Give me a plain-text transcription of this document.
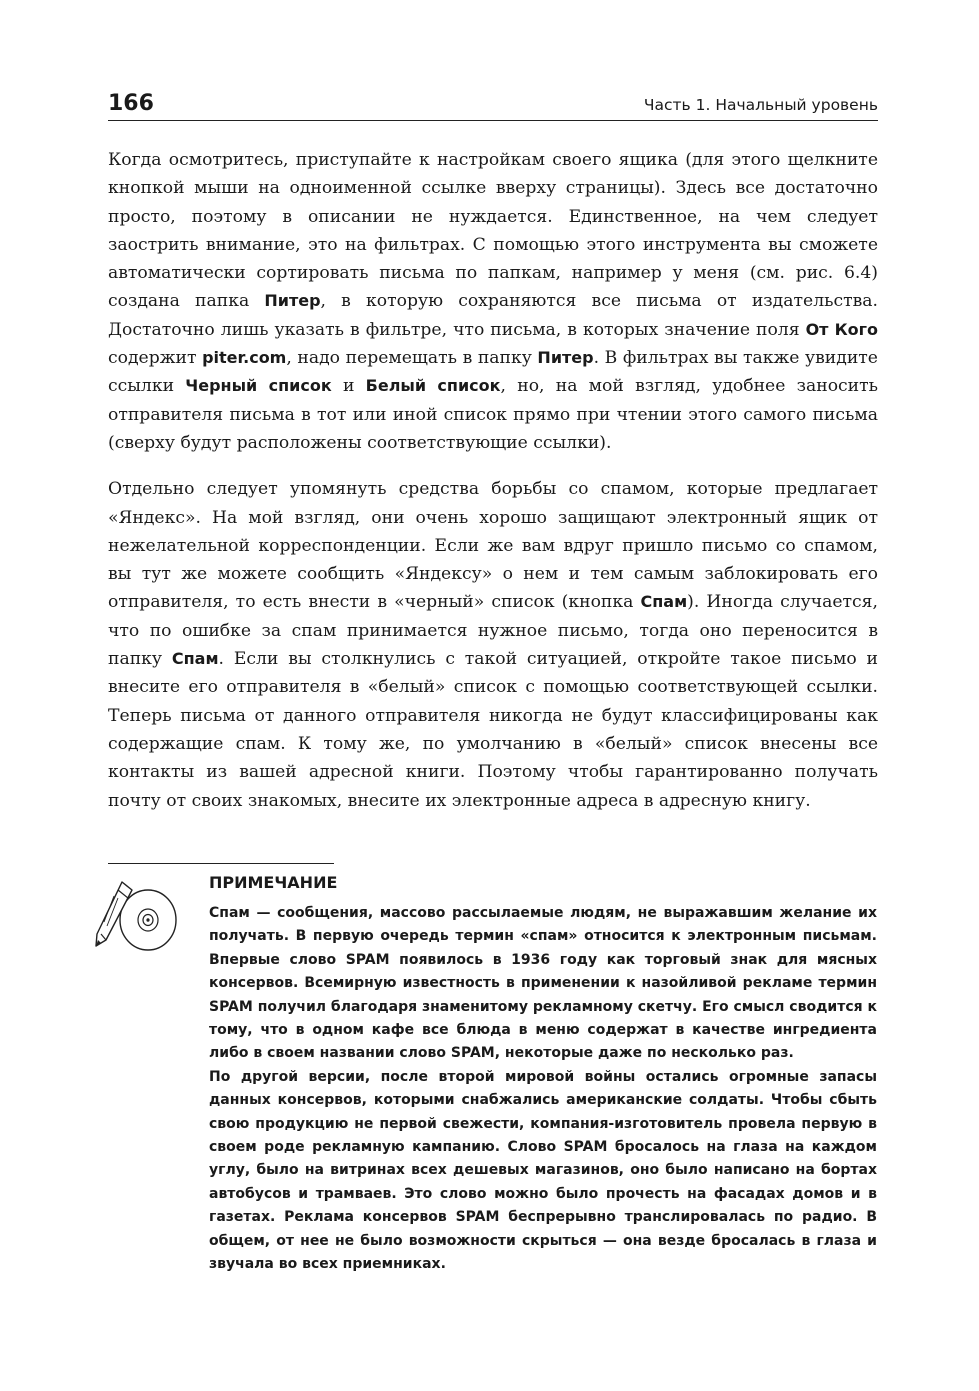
166	Часть 1. Начальный уровень

Когда осмотритесь, приступайте к настройкам своего ящика (для этого щелкните кнопкой мыши на одноименной ссылке вверху страницы). Здесь все достаточно просто, поэтому в описании не нуждается. Единственное, на чем следует заострить внимание, это на фильтрах. С помощью этого инструмента вы сможете автоматически сортировать письма по папкам, например у меня (см. рис. 6.4) создана папка Питер, в которую сохраняются все письма от издательства. Достаточно лишь указать в фильтре, что письма, в которых значение поля От Кого содержит piter.com, надо перемещать в папку Питер. В фильтрах вы также увидите ссылки Черный список и Белый список, но, на мой взгляд, удобнее заносить отправителя письма в тот или иной список прямо при чтении этого самого письма (сверху будут расположены соответствующие ссылки).

Отдельно следует упомянуть средства борьбы со спамом, которые предлагает «Яндекс». На мой взгляд, они очень хорошо защищают электронный ящик от нежелательной корреспонденции. Если же вам вдруг пришло письмо со спамом, вы тут же можете сообщить «Яндексу» о нем и тем самым заблокировать его отправителя, то есть внести в «черный» список (кнопка Спам). Иногда случается, что по ошибке за спам принимается нужное письмо, тогда оно переносится в папку Спам. Если вы столкнулись с такой ситуацией, откройте такое письмо и внесите его отправителя в «белый» список с помощью соответствующей ссылки. Теперь письма от данного отправителя никогда не будут классифицированы как содержащие спам. К тому же, по умолчанию в «белый» список внесены все контакты из вашей адресной книги. Поэтому чтобы гарантированно получать почту от своих знакомых, внесите их электронные адреса в адресную книгу.

ПРИМЕЧАНИЕ

Спам — сообщения, массово рассылаемые людям, не выражавшим желание их получать. В первую очередь термин «спам» относится к электронным письмам. Впервые слово SPAM появилось в 1936 году как торговый знак для мясных консервов. Всемирную известность в применении к назойливой рекламе термин SPAM получил благодаря знаменитому рекламному скетчу. Его смысл сводится к тому, что в одном кафе все блюда в меню содержат в качестве ингредиента либо в своем названии слово SPAM, некоторые даже по несколько раз.

По другой версии, после второй мировой войны остались огромные запасы данных консервов, которыми снабжались американские солдаты. Чтобы сбыть свою продукцию не первой свежести, компания-изготовитель провела первую в своем роде рекламную кампанию. Слово SPAM бросалось на глаза на каждом углу, было на витринах всех дешевых магазинов, оно было написано на бортах автобусов и трамваев. Это слово можно было прочесть на фасадах домов и в газетах. Реклама консервов SPAM беспрерывно транслировалась по радио. В общем, от нее не было возможности скрыться — она везде бросалась в глаза и звучала во всех приемниках.
